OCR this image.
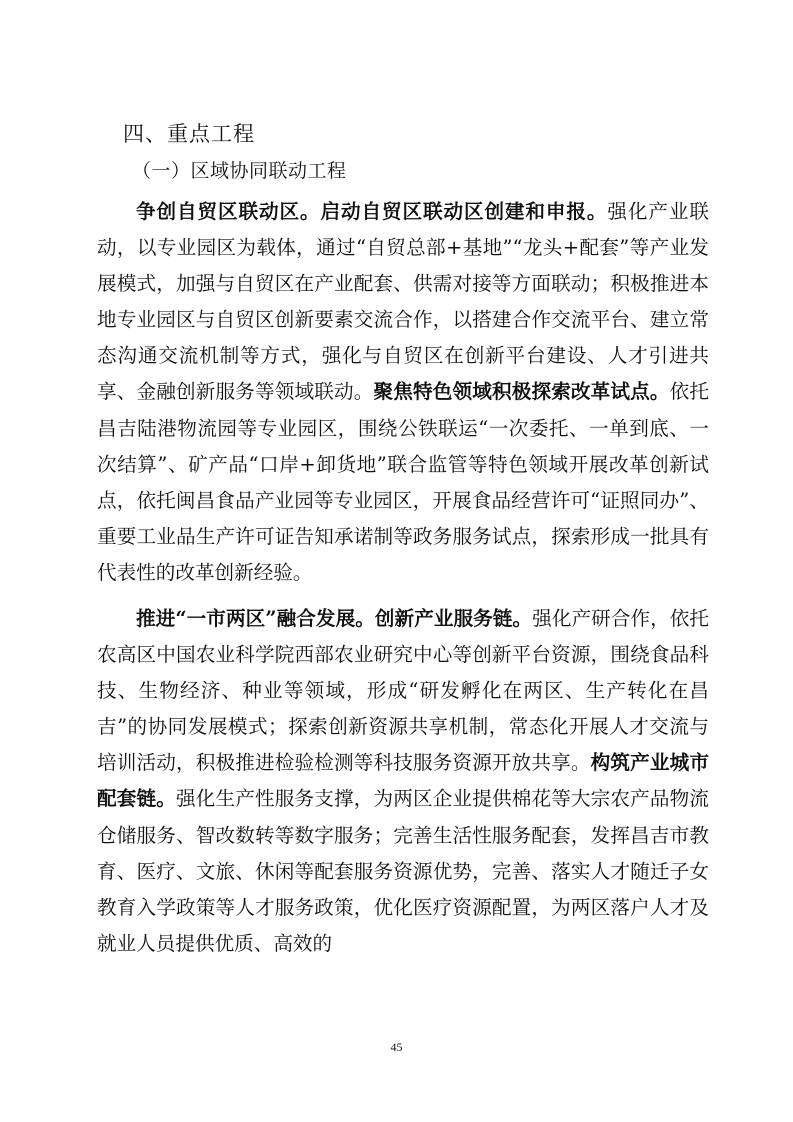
四、重点工程
（一）区域协同联动工程

争创自贸区联动区。启动自贸区联动区创建和申报。强化产业联动，以专业园区为载体，通过“自贸总部+基地”“龙头+配套”等产业发展模式，加强与自贸区在产业配套、供需对接等方面联动；积极推进本地专业园区与自贸区创新要素交流合作，以搭建合作交流平台、建立常态沟通交流机制等方式，强化与自贸区在创新平台建设、人才引进共享、金融创新服务等领域联动。聚焦特色领域积极探索改革试点。依托昌吉陆港物流园等专业园区，围绕公铁联运“一次委托、一单到底、一次结算”、矿产品“口岸+卸货地”联合监管等特色领域开展改革创新试点，依托闽昌食品产业园等专业园区，开展食品经营许可“证照同办”、重要工业品生产许可证告知承诺制等政务服务试点，探索形成一批具有代表性的改革创新经验。

推进“一市两区”融合发展。创新产业服务链。强化产研合作，依托农高区中国农业科学院西部农业研究中心等创新平台资源，围绕食品科技、生物经济、种业等领域，形成“研发孵化在两区、生产转化在昌吉”的协同发展模式；探索创新资源共享机制，常态化开展人才交流与培训活动，积极推进检验检测等科技服务资源开放共享。构筑产业城市配套链。强化生产性服务支撑，为两区企业提供棉花等大宗农产品物流仓储服务、智改数转等数字服务；完善生活性服务配套，发挥昌吉市教育、医疗、文旅、休闲等配套服务资源优势，完善、落实人才随迁子女教育入学政策等人才服务政策，优化医疗资源配置，为两区落户人才及就业人员提供优质、高效的

45
